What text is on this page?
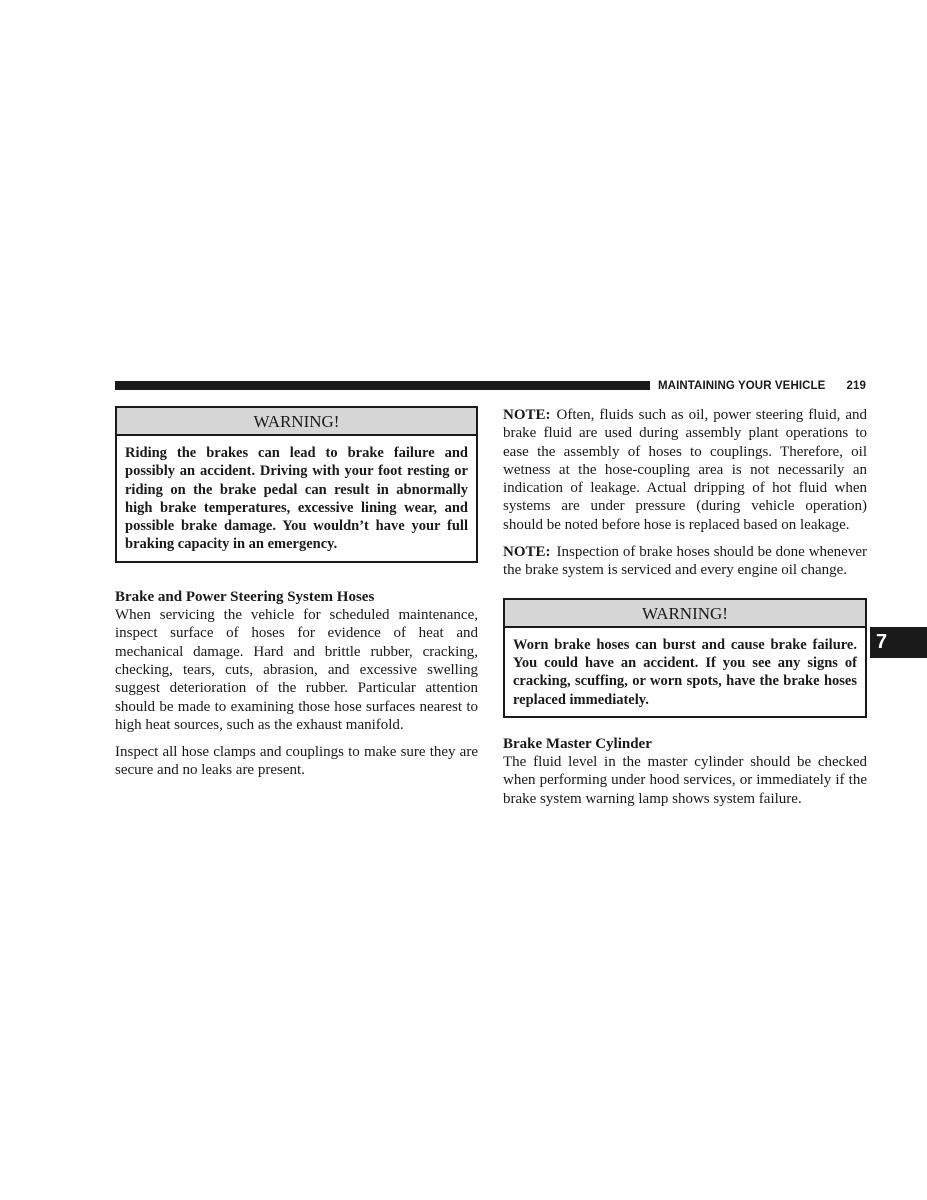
MAINTAINING YOUR VEHICLE 219
WARNING!
Riding the brakes can lead to brake failure and possibly an accident. Driving with your foot resting or riding on the brake pedal can result in abnormally high brake temperatures, excessive lining wear, and possible brake damage. You wouldn’t have your full braking capacity in an emergency.
Brake and Power Steering System Hoses

When servicing the vehicle for scheduled maintenance, inspect surface of hoses for evidence of heat and mechanical damage. Hard and brittle rubber, cracking, checking, tears, cuts, abrasion, and excessive swelling suggest deterioration of the rubber. Particular attention should be made to examining those hose surfaces nearest to high heat sources, such as the exhaust manifold.

Inspect all hose clamps and couplings to make sure they are secure and no leaks are present.

NOTE: Often, fluids such as oil, power steering fluid, and brake fluid are used during assembly plant operations to ease the assembly of hoses to couplings. Therefore, oil wetness at the hose-coupling area is not necessarily an indication of leakage. Actual dripping of hot fluid when systems are under pressure (during vehicle operation) should be noted before hose is replaced based on leakage.

NOTE: Inspection of brake hoses should be done whenever the brake system is serviced and every engine oil change.

WARNING!
Worn brake hoses can burst and cause brake failure. You could have an accident. If you see any signs of cracking, scuffing, or worn spots, have the brake hoses replaced immediately.
Brake Master Cylinder

The fluid level in the master cylinder should be checked when performing under hood services, or immediately if the brake system warning lamp shows system failure.

7
